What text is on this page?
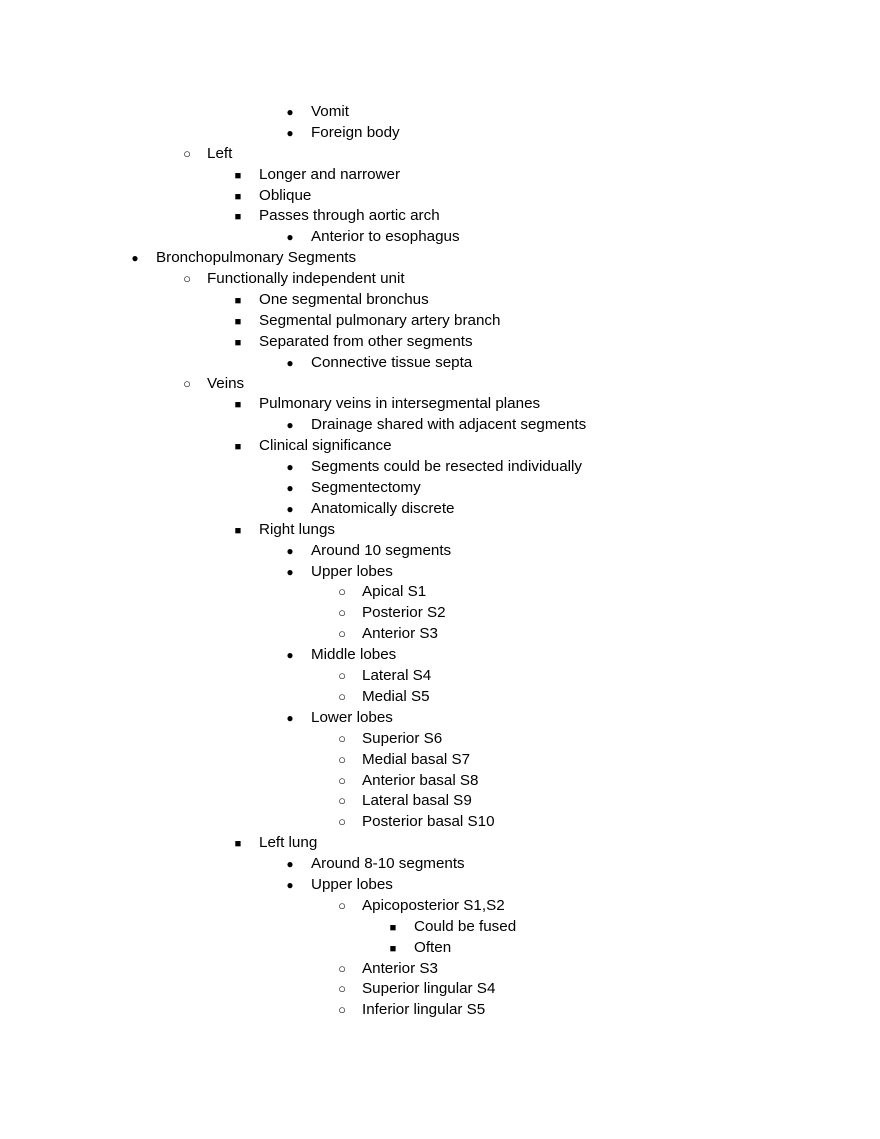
●
Vomit
●
Foreign body
○
Left
■
Longer and narrower
■
Oblique
■
Passes through aortic arch
●
Anterior to esophagus
●
Bronchopulmonary Segments
○
Functionally independent unit
■
One segmental bronchus
■
Segmental pulmonary artery branch
■
Separated from other segments
●
Connective tissue septa
○
Veins
■
Pulmonary veins in intersegmental planes
●
Drainage shared with adjacent segments
■
Clinical significance
●
Segments could be resected individually
●
Segmentectomy
●
Anatomically discrete
■
Right lungs
●
Around 10 segments
●
Upper lobes
○
Apical S1
○
Posterior S2
○
Anterior S3
●
Middle lobes
○
Lateral S4
○
Medial S5
●
Lower lobes
○
Superior S6
○
Medial basal S7
○
Anterior basal S8
○
Lateral basal S9
○
Posterior basal S10
■
Left lung
●
Around 8-10 segments
●
Upper lobes
○
Apicoposterior S1,S2
■
Could be fused
■
Often
○
Anterior S3
○
Superior lingular S4
○
Inferior lingular S5
